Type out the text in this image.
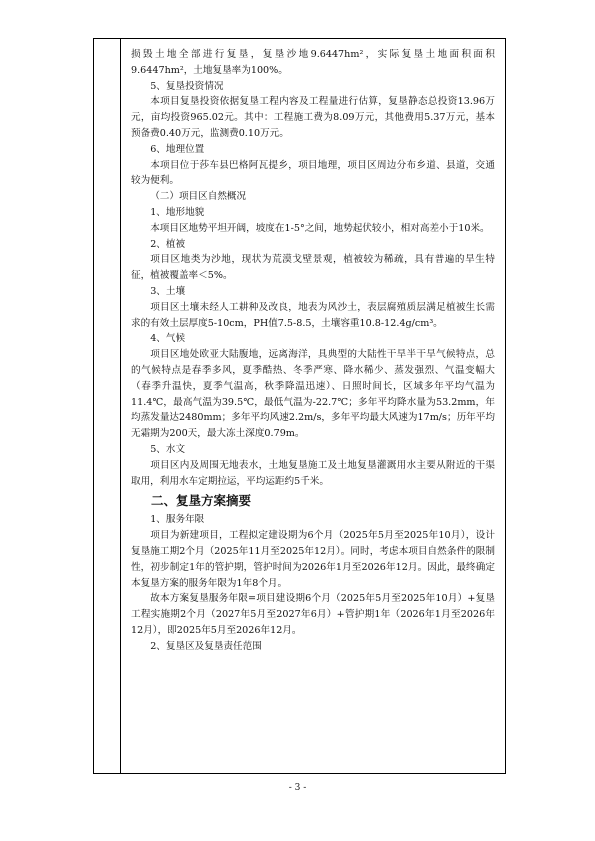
损毁土地全部进行复垦，复垦沙地9.6447hm²，实际复垦土地面积面积9.6447hm²，土地复垦率为100%。

5、复垦投资情况

本项目复垦投资依据复垦工程内容及工程量进行估算，复垦静态总投资13.96万元，亩均投资965.02元。其中：工程施工费为8.09万元，其他费用5.37万元，基本预备费0.40万元，监测费0.10万元。

6、地理位置

本项目位于莎车县巴格阿瓦提乡，项目地理，项目区周边分布乡道、县道，交通较为便利。

（二）项目区自然概况

1、地形地貌

本项目区地势平坦开阔，坡度在1-5°之间，地势起伏较小，相对高差小于10米。

2、植被

项目区地类为沙地，现状为荒漠戈壁景观，植被较为稀疏，具有普遍的旱生特征，植被覆盖率＜5%。

3、土壤

项目区土壤未经人工耕种及改良，地表为风沙土，表层腐殖质层满足植被生长需求的有效土层厚度5-10cm，PH值7.5-8.5，土壤容重10.8-12.4g/cm³。

4、气候

项目区地处欧亚大陆腹地，远离海洋，具典型的大陆性干旱半干旱气候特点，总的气候特点是春季多风，夏季酷热、冬季严寒、降水稀少、蒸发强烈、气温变幅大（春季升温快，夏季气温高，秋季降温迅速）、日照时间长，区域多年平均气温为11.4℃，最高气温为39.5℃，最低气温为-22.7℃；多年平均降水量为53.2mm，年均蒸发量达2480mm；多年平均风速2.2m/s，多年平均最大风速为17m/s；历年平均无霜期为200天，最大冻土深度0.79m。

5、水文

项目区内及周围无地表水，土地复垦施工及土地复垦灌溉用水主要从附近的干渠取用，利用水车定期拉运，平均运距约5千米。

二、复垦方案摘要

1、服务年限

项目为新建项目，工程拟定建设期为6个月（2025年5月至2025年10月），设计复垦施工期2个月（2025年11月至2025年12月）。同时，考虑本项目自然条件的限制性，初步制定1年的管护期，管护时间为2026年1月至2026年12月。因此，最终确定本复垦方案的服务年限为1年8个月。

故本方案复垦服务年限=项目建设期6个月（2025年5月至2025年10月）+复垦工程实施期2个月（2027年5月至2027年6月）+管护期1年（2026年1月至2026年12月），即2025年5月至2026年12月。

2、复垦区及复垦责任范围

- 3 -
